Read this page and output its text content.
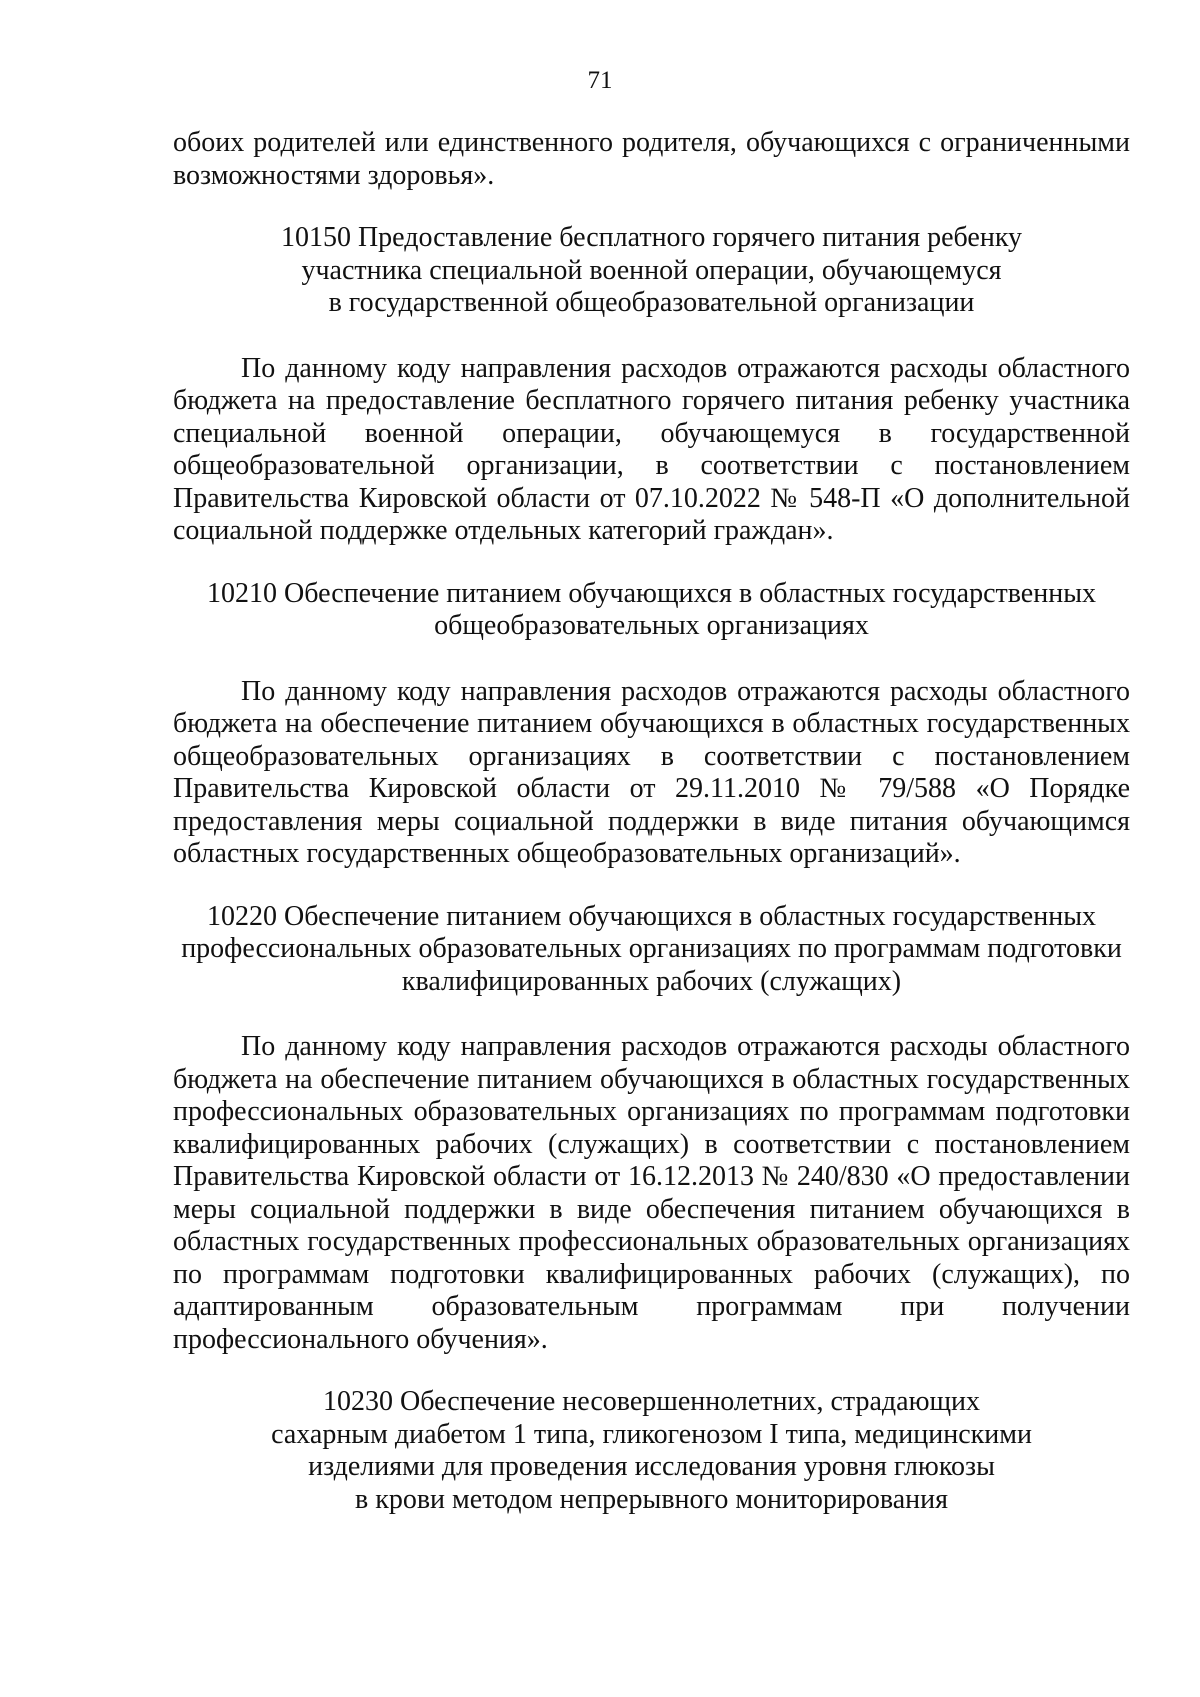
71

обоих родителей или единственного родителя, обучающихся с ограниченными возможностями здоровья».

10150 Предоставление бесплатного горячего питания ребенку
участника специальной военной операции, обучающемуся
в государственной общеобразовательной организации

По данному коду направления расходов отражаются расходы областного бюджета на предоставление бесплатного горячего питания ребенку участника специальной военной операции, обучающемуся в государственной общеобразовательной организации, в соответствии с постановлением Правительства Кировской области от 07.10.2022 № 548-П «О дополнительной социальной поддержке отдельных категорий граждан».

10210 Обеспечение питанием обучающихся в областных государственных
общеобразовательных организациях

По данному коду направления расходов отражаются расходы областного бюджета на обеспечение питанием обучающихся в областных государственных общеобразовательных организациях в соответствии с постановлением Правительства Кировской области от 29.11.2010 № 79/588 «О Порядке предоставления меры социальной поддержки в виде питания обучающимся областных государственных общеобразовательных организаций».

10220 Обеспечение питанием обучающихся в областных государственных
профессиональных образовательных организациях по программам подготовки
квалифицированных рабочих (служащих)

По данному коду направления расходов отражаются расходы областного бюджета на обеспечение питанием обучающихся в областных государственных профессиональных образовательных организациях по программам подготовки квалифицированных рабочих (служащих) в соответствии с постановлением Правительства Кировской области от 16.12.2013 № 240/830 «О предоставлении меры социальной поддержки в виде обеспечения питанием обучающихся в областных государственных профессиональных образовательных организациях по программам подготовки квалифицированных рабочих (служащих), по адаптированным образовательным программам при получении профессионального обучения».

10230 Обеспечение несовершеннолетних, страдающих
сахарным диабетом 1 типа, гликогенозом I типа, медицинскими
изделиями для проведения исследования уровня глюкозы
в крови методом непрерывного мониторирования
